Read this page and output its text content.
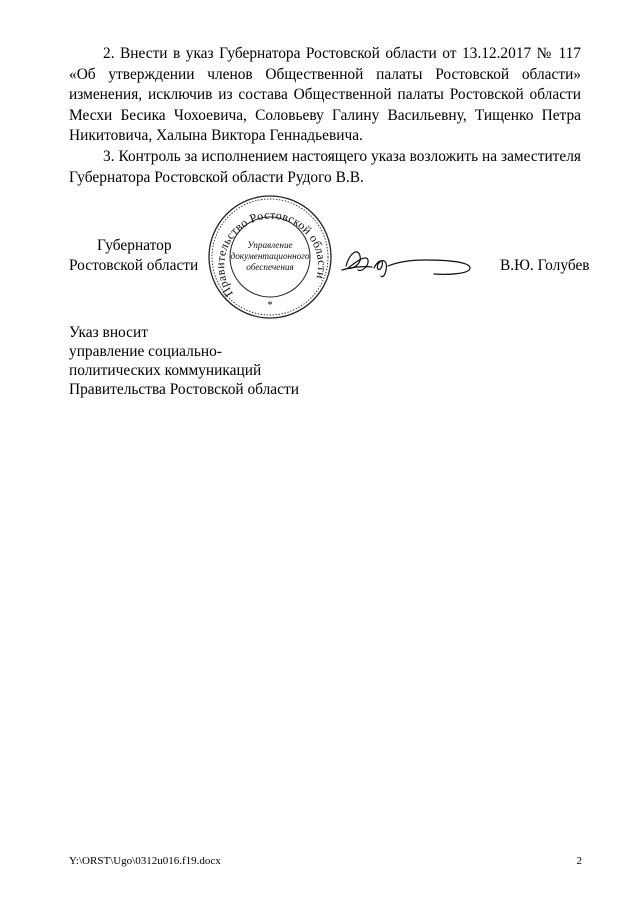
2. Внести в указ Губернатора Ростовской области от 13.12.2017 № 117 «Об утверждении членов Общественной палаты Ростовской области» изменения, исключив из состава Общественной палаты Ростовской области Месхи Бесика Чохоевича, Соловьеву Галину Васильевну, Тищенко Петра Никитовича, Халына Виктора Геннадьевича.

3. Контроль за исполнением настоящего указа возложить на заместителя Губернатора Ростовской области Рудого В.В.

Губернатор
Ростовской области
Правительство Ростовской области
Управление
документационного
обеспечения
*
В.Ю. Голубев
Указ вносит
управление социально-
политических коммуникаций
Правительства Ростовской области
Y:\ORST\Ugo\0312u016.f19.docx	2
